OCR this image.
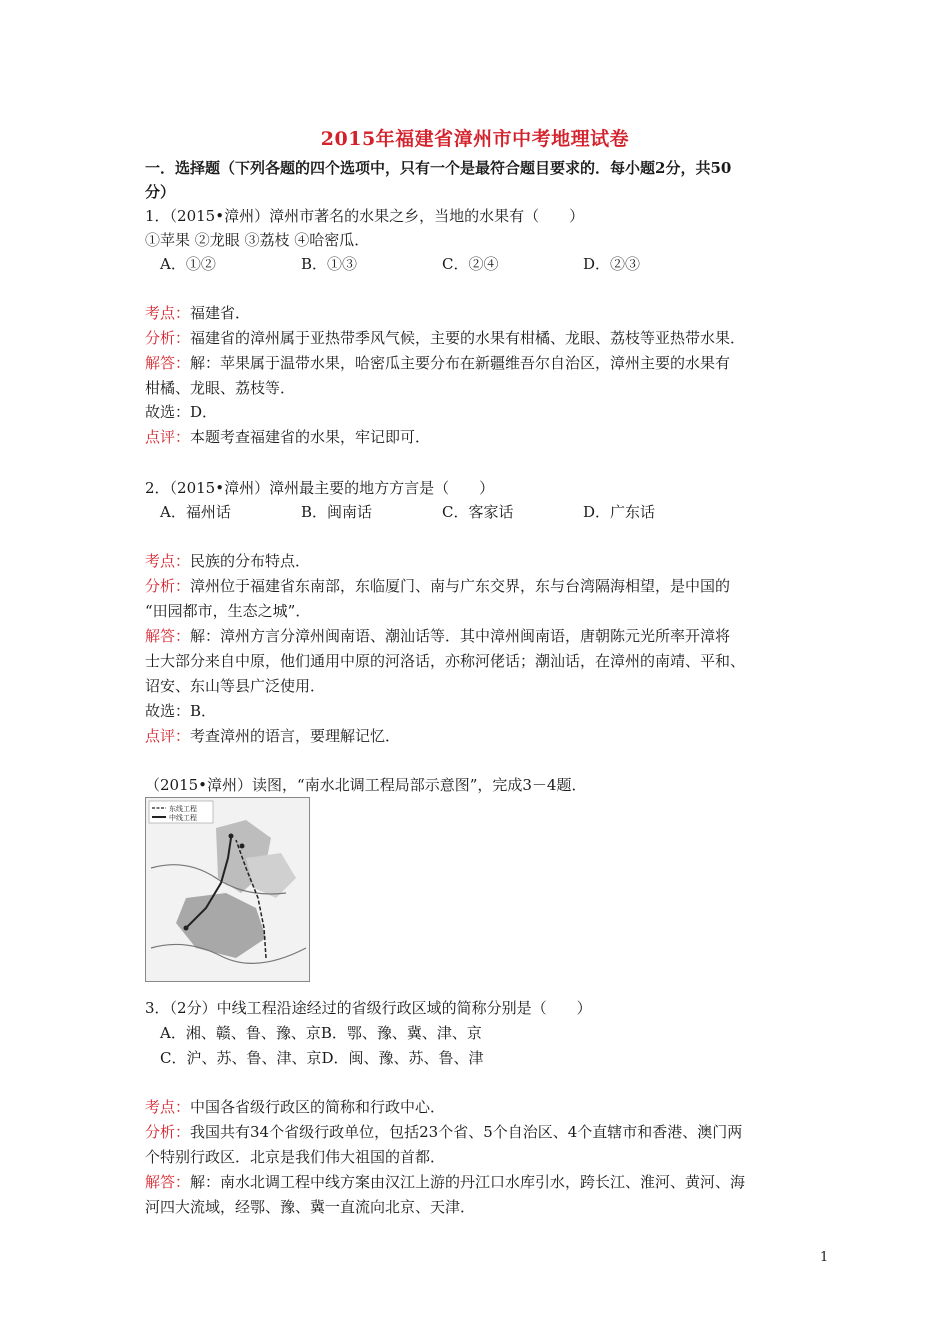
2015年福建省漳州市中考地理试卷
一．选择题（下列各题的四个选项中，只有一个是最符合题目要求的．每小题2分，共50
分）
1．（2015•漳州）漳州市著名的水果之乡，当地的水果有（　　）
①苹果 ②龙眼 ③荔枝 ④哈密瓜．
A．①②	B．①③	C．②④	D．②③
考点：福建省．
分析：福建省的漳州属于亚热带季风气候，主要的水果有柑橘、龙眼、荔枝等亚热带水果．
解答：解：苹果属于温带水果，哈密瓜主要分布在新疆维吾尔自治区，漳州主要的水果有
柑橘、龙眼、荔枝等．
故选：D．
点评：本题考查福建省的水果，牢记即可．
2．（2015•漳州）漳州最主要的地方方言是（　　）
A．福州话	B．闽南话	C．客家话	D．广东话
考点：民族的分布特点．
分析：漳州位于福建省东南部，东临厦门、南与广东交界，东与台湾隔海相望，是中国的
“田园都市，生态之城”．
解答：解：漳州方言分漳州闽南语、潮汕话等．其中漳州闽南语，唐朝陈元光所率开漳将
士大部分来自中原，他们通用中原的河洛话，亦称河佬话；潮汕话，在漳州的南靖、平和、
诏安、东山等县广泛使用．
故选：B．
点评：考查漳州的语言，要理解记忆．
（2015•漳州）读图，“南水北调工程局部示意图”，完成3－4题．
东线工程
中线工程
3．（2分）中线工程沿途经过的省级行政区域的简称分别是（　　）
A．湘、赣、鲁、豫、京B．鄂、豫、冀、津、京
C．沪、苏、鲁、津、京D．闽、豫、苏、鲁、津
考点：中国各省级行政区的简称和行政中心．
分析：我国共有34个省级行政单位，包括23个省、5个自治区、4个直辖市和香港、澳门两
个特别行政区．北京是我们伟大祖国的首都．
解答：解：南水北调工程中线方案由汉江上游的丹江口水库引水，跨长江、淮河、黄河、海
河四大流域，经鄂、豫、冀一直流向北京、天津．
1
